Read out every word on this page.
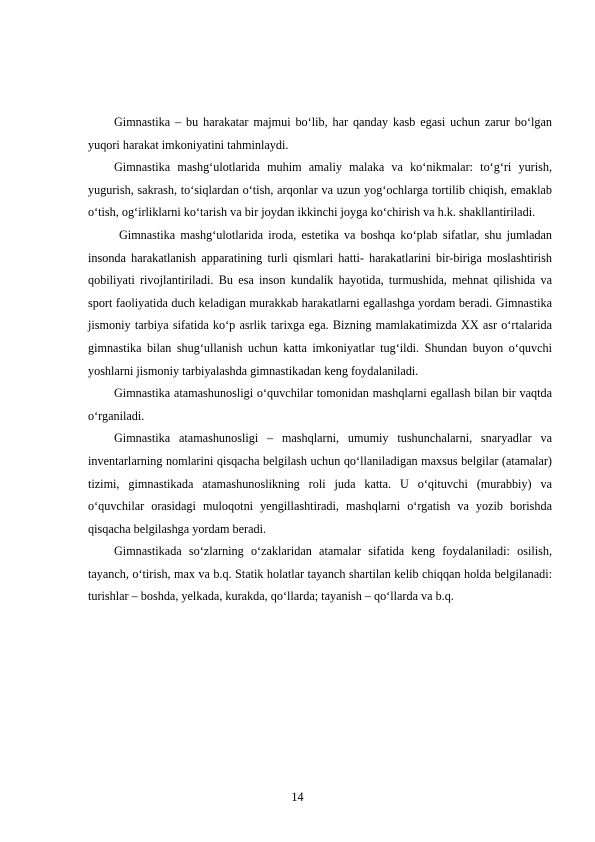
Gimnastika – bu harakatar majmui bo‘lib, har qanday kasb egasi uchun zarur bo‘lgan yuqori harakat imkoniyatini tahminlaydi.

Gimnastika mashg‘ulotlarida muhim amaliy malaka va ko‘nikmalar: to‘g‘ri yurish, yugurish, sakrash, to‘siqlardan o‘tish, arqonlar va uzun yog‘ochlarga tortilib chiqish, emaklab o‘tish, og‘irliklarni ko‘tarish va bir joydan ikkinchi joyga ko‘chirish va h.k. shakllantiriladi.

Gimnastika mashg‘ulotlarida iroda, estetika va boshqa ko‘plab sifatlar, shu jumladan insonda harakatlanish apparatining turli qismlari hatti- harakatlarini bir-biriga moslashtirish qobiliyati rivojlantiriladi. Bu esa inson kundalik hayotida, turmushida, mehnat qilishida va sport faoliyatida duch keladigan murakkab harakatlarni egallashga yordam beradi. Gimnastika jismoniy tarbiya sifatida ko‘p asrlik tarixga ega. Bizning mamlakatimizda XX asr o‘rtalarida gimnastika bilan shug‘ullanish uchun katta imkoniyatlar tug‘ildi. Shundan buyon o‘quvchi yoshlarni jismoniy tarbiyalashda gimnastikadan keng foydalaniladi.

Gimnastika atamashunosligi o‘quvchilar tomonidan mashqlarni egallash bilan bir vaqtda o‘rganiladi.

Gimnastika atamashunosligi – mashqlarni, umumiy tushunchalarni, snaryadlar va inventarlarning nomlarini qisqacha belgilash uchun qo‘llaniladigan maxsus belgilar (atamalar) tizimi, gimnastikada atamashunoslikning roli juda katta. U o‘qituvchi (murabbiy) va o‘quvchilar orasidagi muloqotni yengillashtiradi, mashqlarni o‘rgatish va yozib borishda qisqacha belgilashga yordam beradi.

Gimnastikada so‘zlarning o‘zaklaridan atamalar sifatida keng foydalaniladi: osilish, tayanch, o‘tirish, max va b.q. Statik holatlar tayanch shartilan kelib chiqqan holda belgilanadi: turishlar – boshda, yelkada, kurakda, qo‘llarda; tayanish – qo‘llarda va b.q.

14
